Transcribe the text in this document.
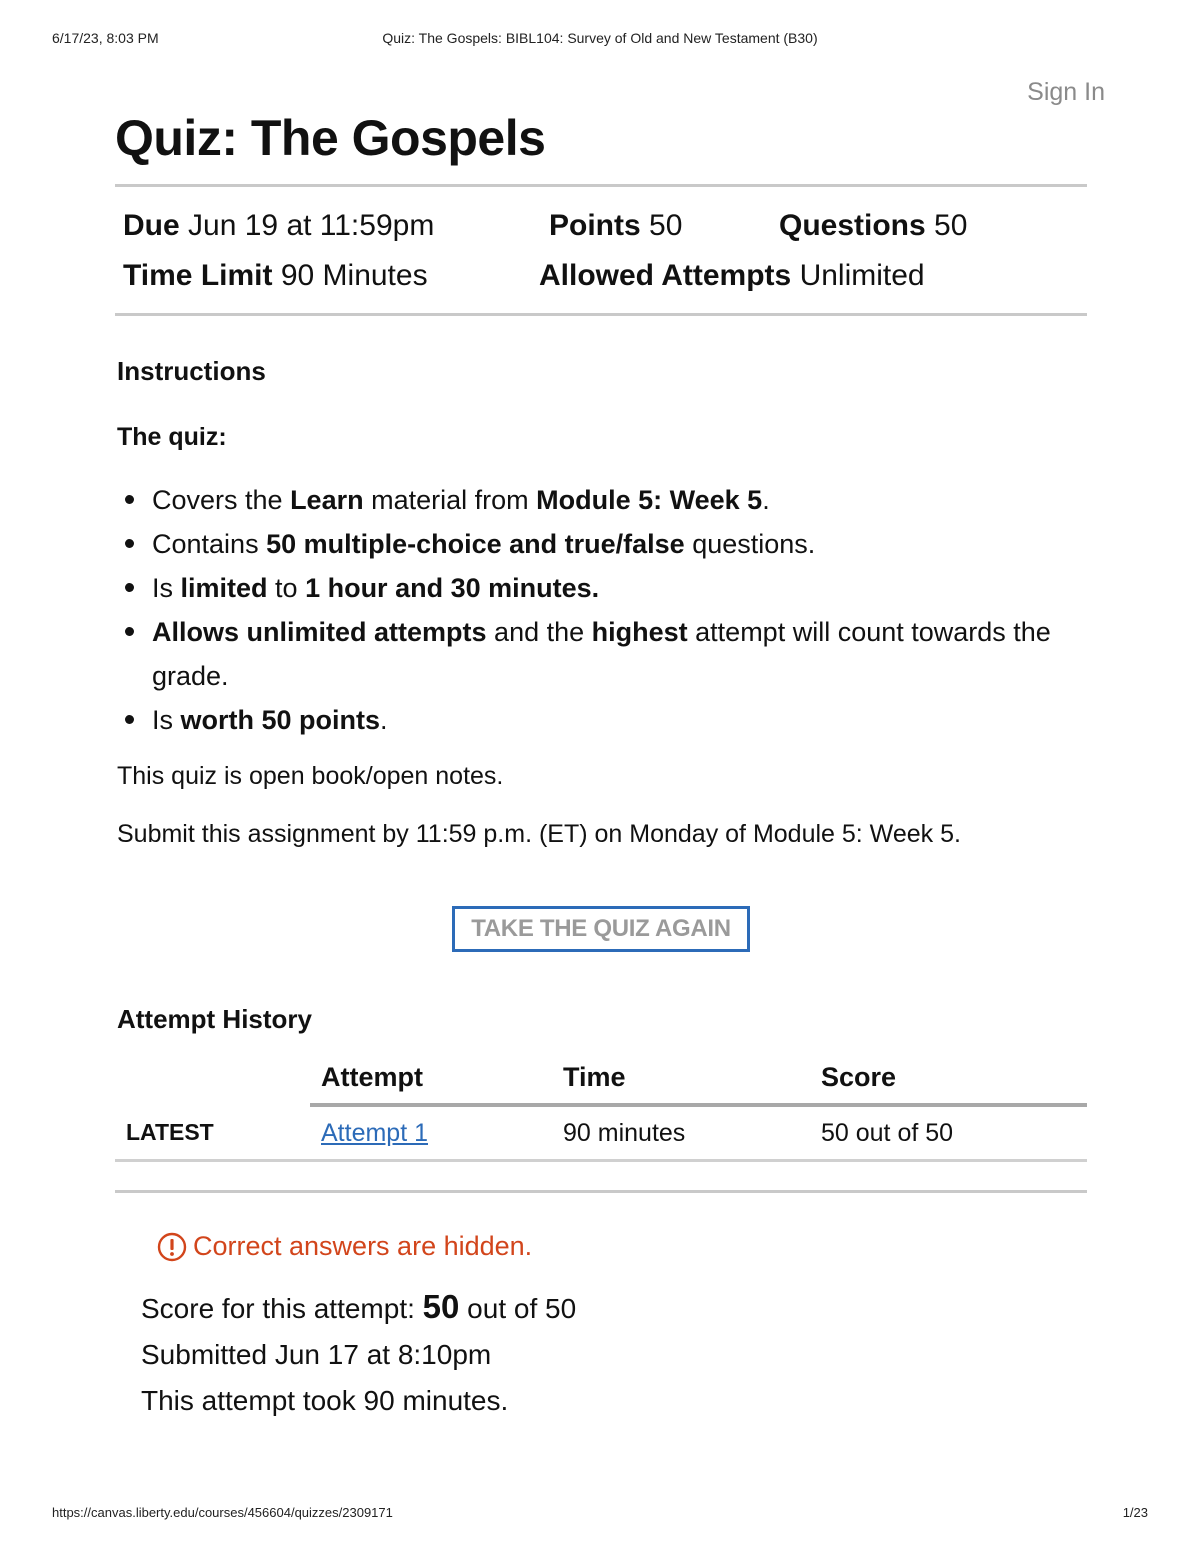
6/17/23, 8:03 PM	Quiz: The Gospels: BIBL104: Survey of Old and New Testament (B30)
Sign In
Quiz: The Gospels
Due Jun 19 at 11:59pm	Points 50	Questions 50
Time Limit 90 Minutes	Allowed Attempts Unlimited
Instructions
The quiz:
Covers the Learn material from Module 5: Week 5.
Contains 50 multiple-choice and true/false questions.
Is limited to 1 hour and 30 minutes.
Allows unlimited attempts and the highest attempt will count towards the grade.
Is worth 50 points.

This quiz is open book/open notes.

Submit this assignment by 11:59 p.m. (ET) on Monday of Module 5: Week 5.

TAKE THE QUIZ AGAIN
Attempt History
	Attempt	Time	Score
LATEST	Attempt 1	90 minutes	50 out of 50
Correct answers are hidden.
Score for this attempt: 50 out of 50
Submitted Jun 17 at 8:10pm
This attempt took 90 minutes.
https://canvas.liberty.edu/courses/456604/quizzes/2309171	1/23
